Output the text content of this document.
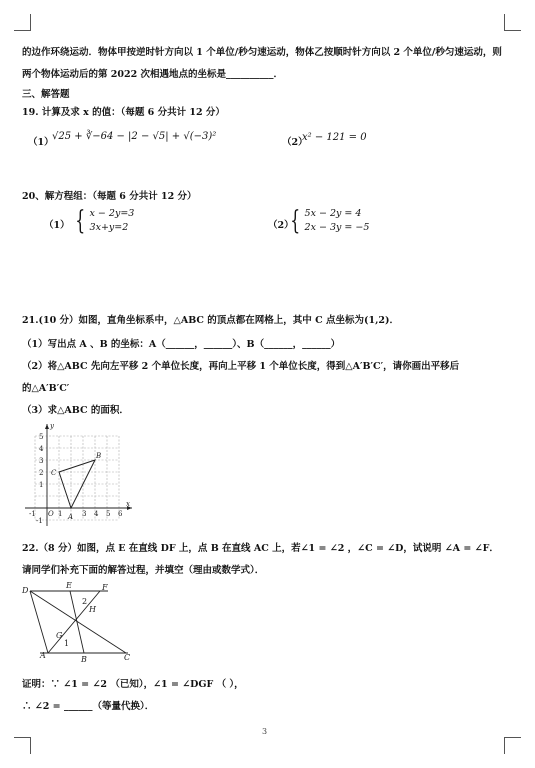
的边作环绕运动．物体甲按逆时针方向以 1 个单位/秒匀速运动，物体乙按顺时针方向以 2 个单位/秒匀速运动，则
两个物体运动后的第 2022 次相遇地点的坐标是__________．
三、解答题
19. 计算及求 x 的值：（每题 6 分共计 12 分）
（1）
√25 + ∛−64 − |2 − √5| + √(−3)²
（2）
x² − 121 = 0
20、解方程组：（每题 6 分共计 12 分）
（1） { x − 2y=3
3x+y=2	（2）
{ 5x − 2y = 4
2x − 3y = −5
21.(10 分）如图，直角坐标系中，△ABC 的顶点都在网格上，其中 C 点坐标为(1,2)．
（1）写出点 A 、B 的坐标：A（______，______）、B（______，______）
（2）将△ABC 先向左平移 2 个单位长度，再向上平移 1 个单位长度，得到△A′B′C′，请你画出平移后
的△A′B′C′
（3）求△ABC 的面积．
y
x
5
4
3
2
1
-1
-1 O 1	3 4 5 6
C
B
A
22.（8 分）如图，点 E 在直线 DF 上，点 B 在直线 AC 上，若∠1 = ∠2 ，∠C = ∠D，试说明 ∠A = ∠F．
请同学们补充下面的解答过程，并填空（理由或数学式）．
D
E	F
H
G
A	B	C
2
1
证明：∵ ∠1 = ∠2 （已知），∠1 = ∠DGF （ ），
∴ ∠2 = ______（等量代换）．
3
